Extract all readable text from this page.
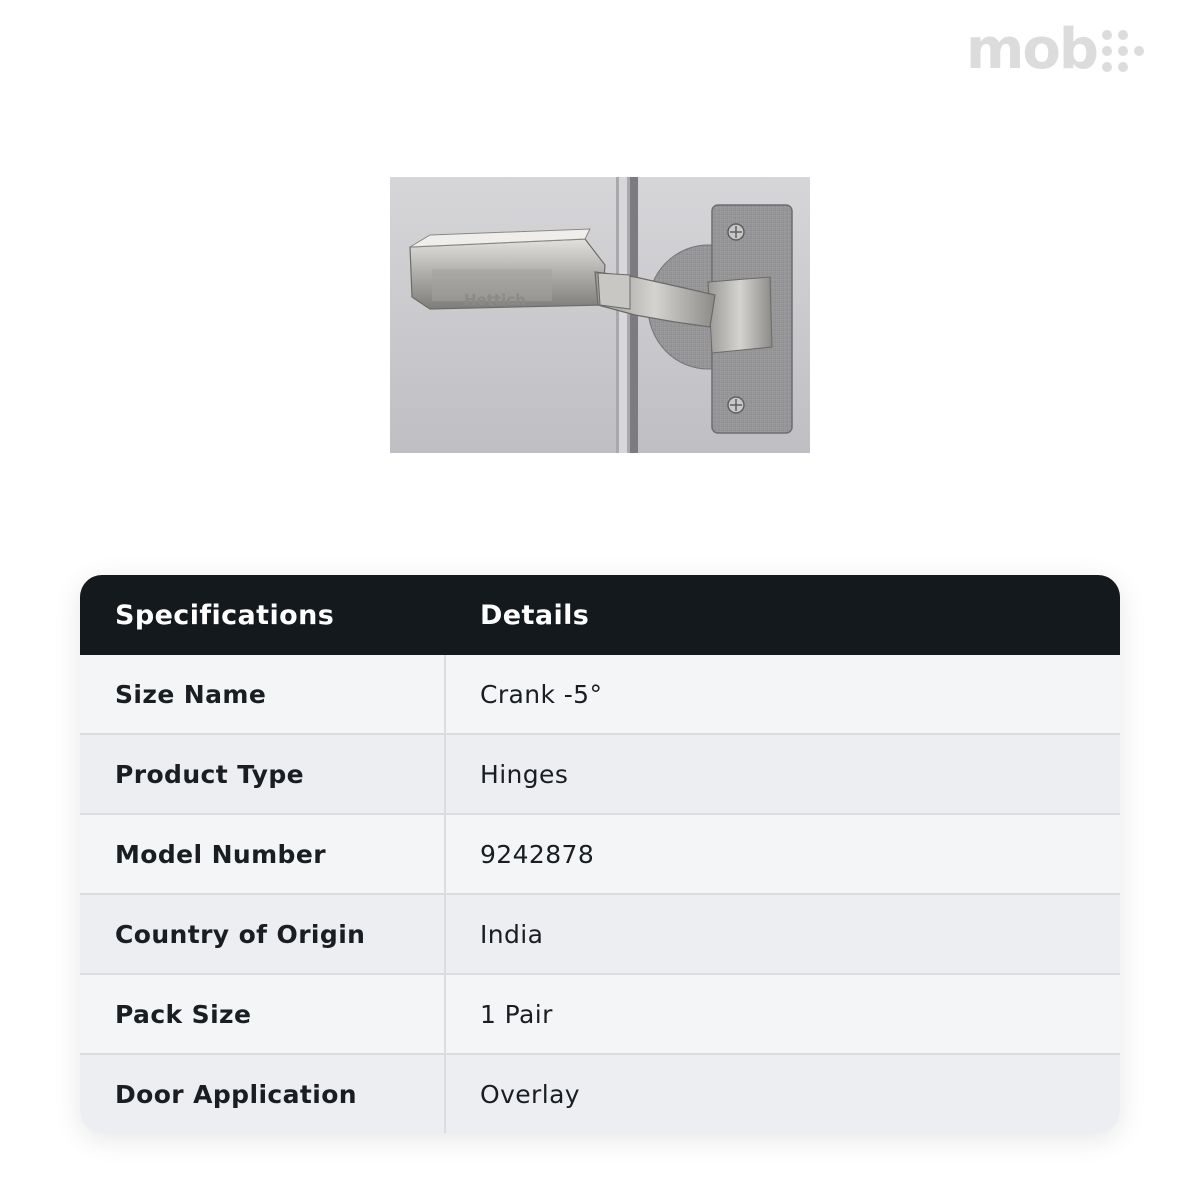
mob
Hettich
Specifications	Details
Size Name	Crank -5°
Product Type	Hinges
Model Number	9242878
Country of Origin	India
Pack Size	1 Pair
Door Application	Overlay
